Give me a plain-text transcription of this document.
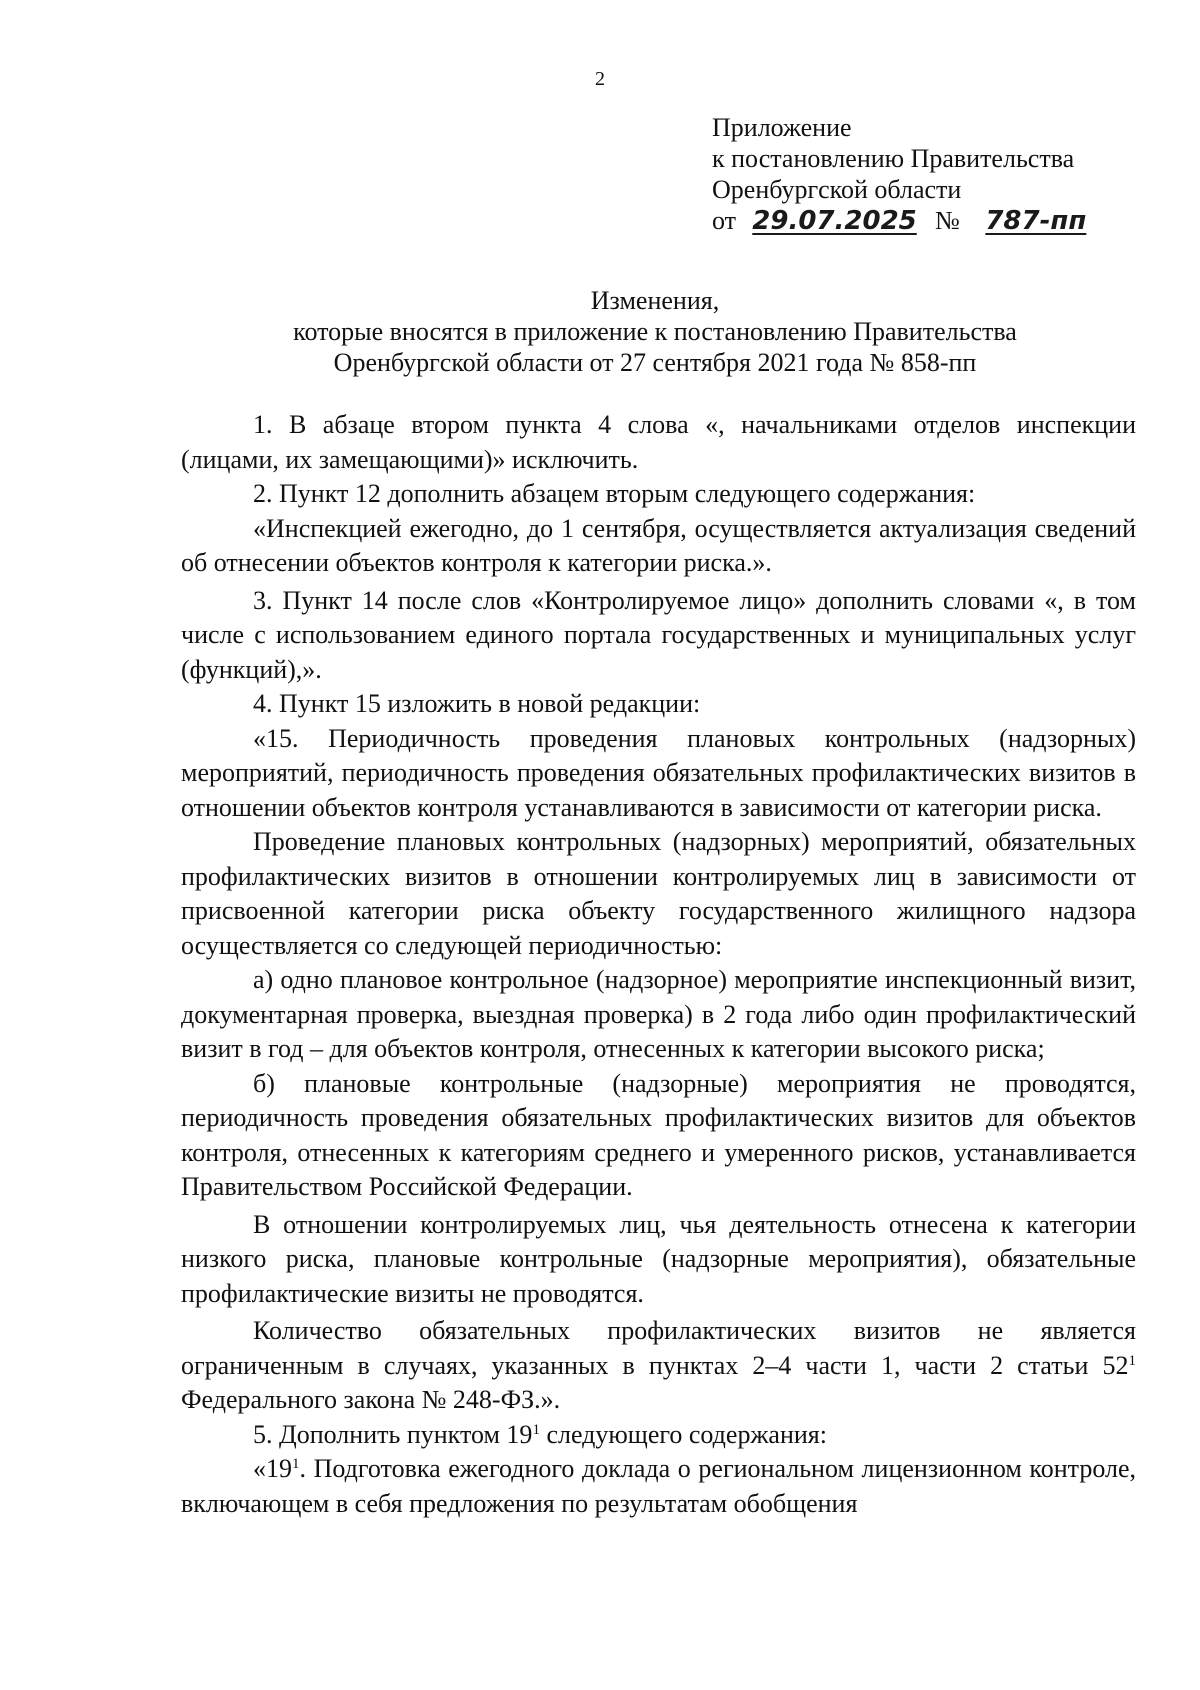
2
Приложение
к постановлению Правительства
Оренбургской области
от 29.07.2025 № 787-пп
Изменения,
которые вносятся в приложение к постановлению Правительства
Оренбургской области от 27 сентября 2021 года № 858-пп

1. В абзаце втором пункта 4 слова «, начальниками отделов инспекции (лицами, их замещающими)» исключить.

2. Пункт 12 дополнить абзацем вторым следующего содержания:

«Инспекцией ежегодно, до 1 сентября, осуществляется актуализация сведений об отнесении объектов контроля к категории риска.».

3. Пункт 14 после слов «Контролируемое лицо» дополнить словами «, в том числе с использованием единого портала государственных и муниципальных услуг (функций),».

4. Пункт 15 изложить в новой редакции:

«15. Периодичность проведения плановых контрольных (надзорных) мероприятий, периодичность проведения обязательных профилактических визитов в отношении объектов контроля устанавливаются в зависимости от категории риска.

Проведение плановых контрольных (надзорных) мероприятий, обязательных профилактических визитов в отношении контролируемых лиц в зависимости от присвоенной категории риска объекту государственного жилищного надзора осуществляется со следующей периодичностью:

а) одно плановое контрольное (надзорное) мероприятие инспекционный визит, документарная проверка, выездная проверка) в 2 года либо один профилактический визит в год – для объектов контроля, отнесенных к категории высокого риска;

б) плановые контрольные (надзорные) мероприятия не проводятся, периодичность проведения обязательных профилактических визитов для объектов контроля, отнесенных к категориям среднего и умеренного рисков, устанавливается Правительством Российской Федерации.

В отношении контролируемых лиц, чья деятельность отнесена к категории низкого риска, плановые контрольные (надзорные мероприятия), обязательные профилактические визиты не проводятся.

Количество обязательных профилактических визитов не является ограниченным в случаях, указанных в пунктах 2–4 части 1, части 2 статьи $52^1$ Федерального закона № 248-ФЗ.».

5. Дополнить пунктом $19^1$ следующего содержания:

«$19^1$. Подготовка ежегодного доклада о региональном лицензионном контроле, включающем в себя предложения по результатам обобщения
